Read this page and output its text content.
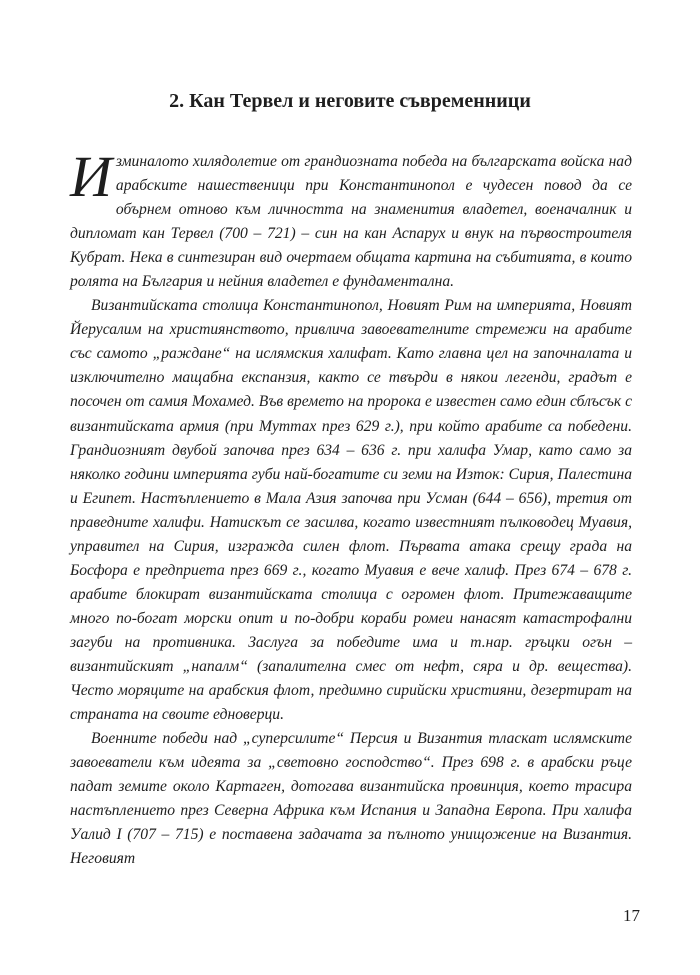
2. Кан Тервел и неговите съвременници

Изминалото хилядолетие от грандиозната победа на българската войска над арабските нашественици при Константинопол е чудесен повод да се обърнем отново към личността на знаменития владетел, военачалник и дипломат кан Тервел (700 – 721) – син на кан Аспарух и внук на първостроителя Кубрат. Нека в синтезиран вид очертаем общата картина на събитията, в които ролята на България и нейния владетел е фундаментална.

Византийската столица Константинопол, Новият Рим на империята, Новият Йерусалим на християнството, привлича завоевателните стремежи на арабите със самото „раждане“ на ислямския халифат. Като главна цел на започналата и изключително мащабна експанзия, както се твърди в някои легенди, градът е посочен от самия Мохамед. Във времето на пророка е известен само един сблъсък с византийската армия (при Муттах през 629 г.), при който арабите са победени. Грандиозният двубой започва през 634 – 636 г. при халифа Умар, като само за няколко години империята губи най-богатите си земи на Изток: Сирия, Палестина и Египет. Настъплението в Мала Азия започва при Усман (644 – 656), третия от праведните халифи. Натискът се засилва, когато известният пълководец Муавия, управител на Сирия, изгражда силен флот. Първата атака срещу града на Босфора е предприета през 669 г., когато Муавия е вече халиф. През 674 – 678 г. арабите блокират византийската столица с огромен флот. Притежаващите много по-богат морски опит и по-добри кораби ромеи нанасят катастрофални загуби на противника. Заслуга за победите има и т.нар. гръцки огън – византийският „напалм“ (запалителна смес от нефт, сяра и др. вещества). Често моряците на арабския флот, предимно сирийски християни, дезертират на страната на своите едноверци.

Военните победи над „суперсилите“ Персия и Византия тласкат ислямските завоеватели към идеята за „световно господство“. През 698 г. в арабски ръце падат земите около Картаген, дотогава византийска провинция, което трасира настъплението през Северна Африка към Испания и Западна Европа. При халифа Уалид I (707 – 715) е поставена задачата за пълното унищожение на Византия. Неговият

17
